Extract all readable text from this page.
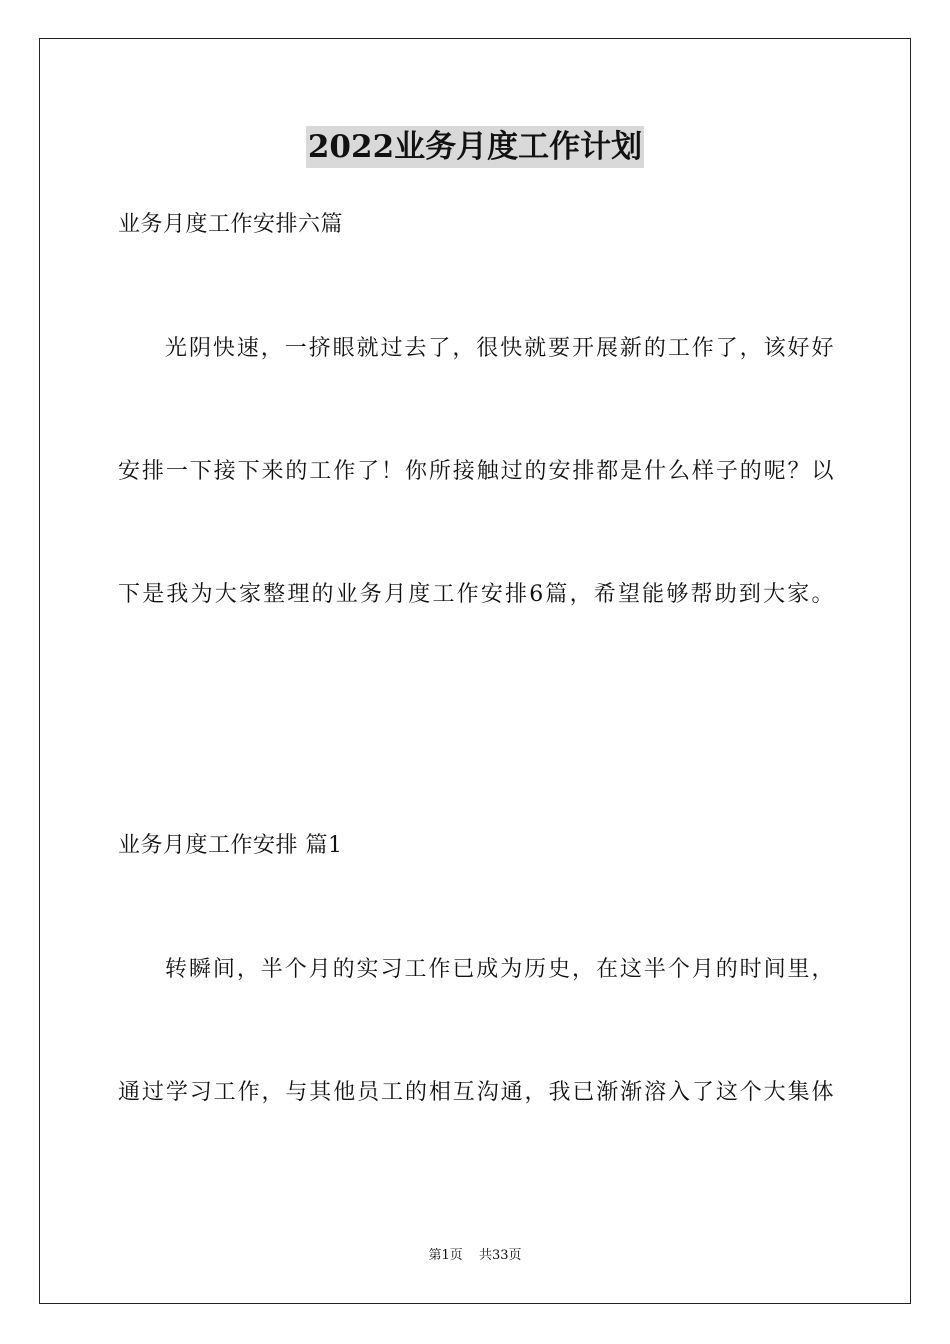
2022业务月度工作计划
业务月度工作安排六篇
光阴快速，一挤眼就过去了，很快就要开展新的工作了，该好好
安排一下接下来的工作了！你所接触过的安排都是什么样子的呢？以
下是我为大家整理的业务月度工作安排6篇，希望能够帮助到大家。
业务月度工作安排 篇1
转瞬间，半个月的实习工作已成为历史，在这半个月的时间里，
通过学习工作，与其他员工的相互沟通，我已渐渐溶入了这个大集体
第1页 共33页
